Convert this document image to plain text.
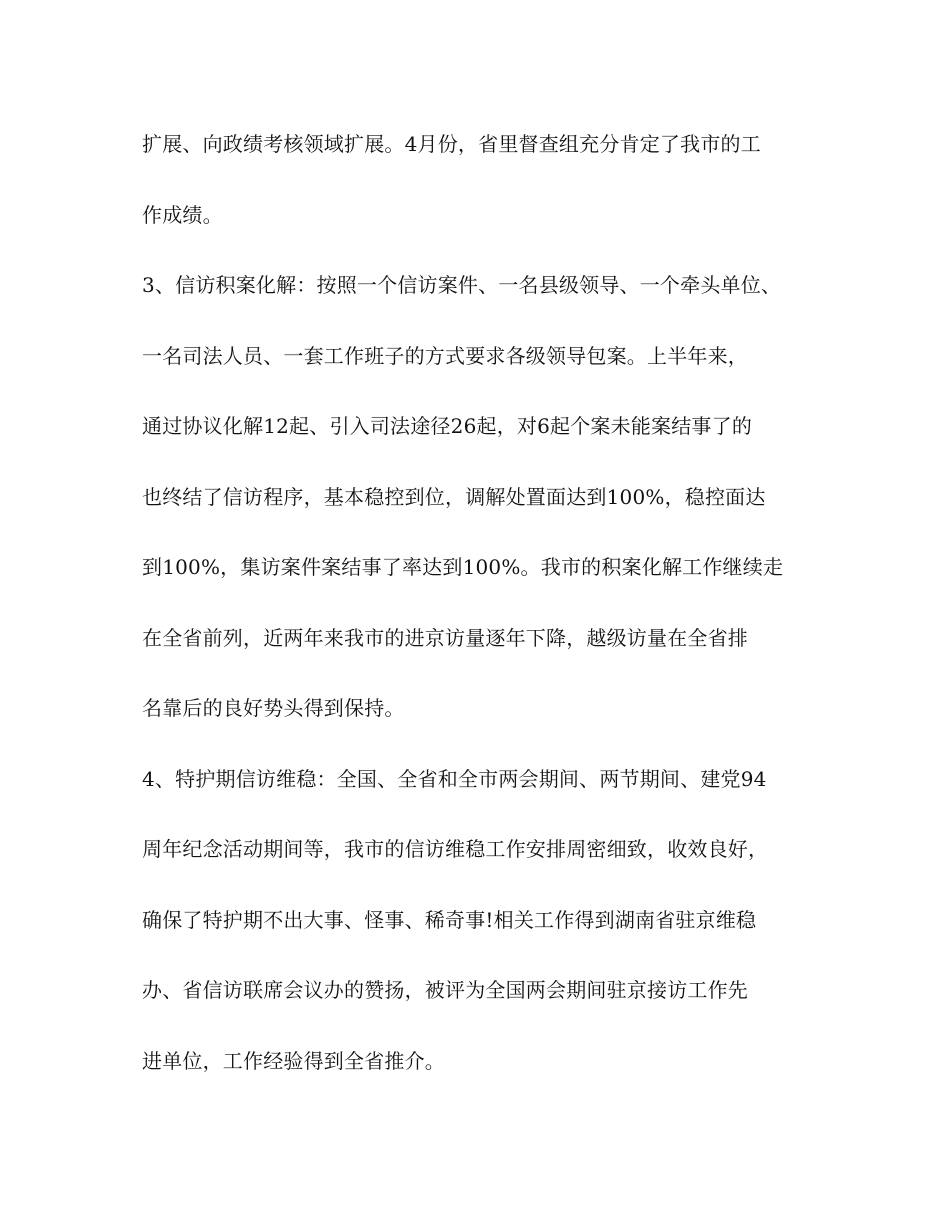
扩展、向政绩考核领域扩展。4月份，省里督查组充分肯定了我市的工
作成绩。
3、信访积案化解：按照一个信访案件、一名县级领导、一个牵头单位、
一名司法人员、一套工作班子的方式要求各级领导包案。上半年来，
通过协议化解12起、引入司法途径26起，对6起个案未能案结事了的
也终结了信访程序，基本稳控到位，调解处置面达到100%，稳控面达
到100%，集访案件案结事了率达到100%。我市的积案化解工作继续走
在全省前列，近两年来我市的进京访量逐年下降，越级访量在全省排
名靠后的良好势头得到保持。
4、特护期信访维稳：全国、全省和全市两会期间、两节期间、建党94
周年纪念活动期间等，我市的信访维稳工作安排周密细致，收效良好，
确保了特护期不出大事、怪事、稀奇事!相关工作得到湖南省驻京维稳
办、省信访联席会议办的赞扬，被评为全国两会期间驻京接访工作先
进单位，工作经验得到全省推介。
